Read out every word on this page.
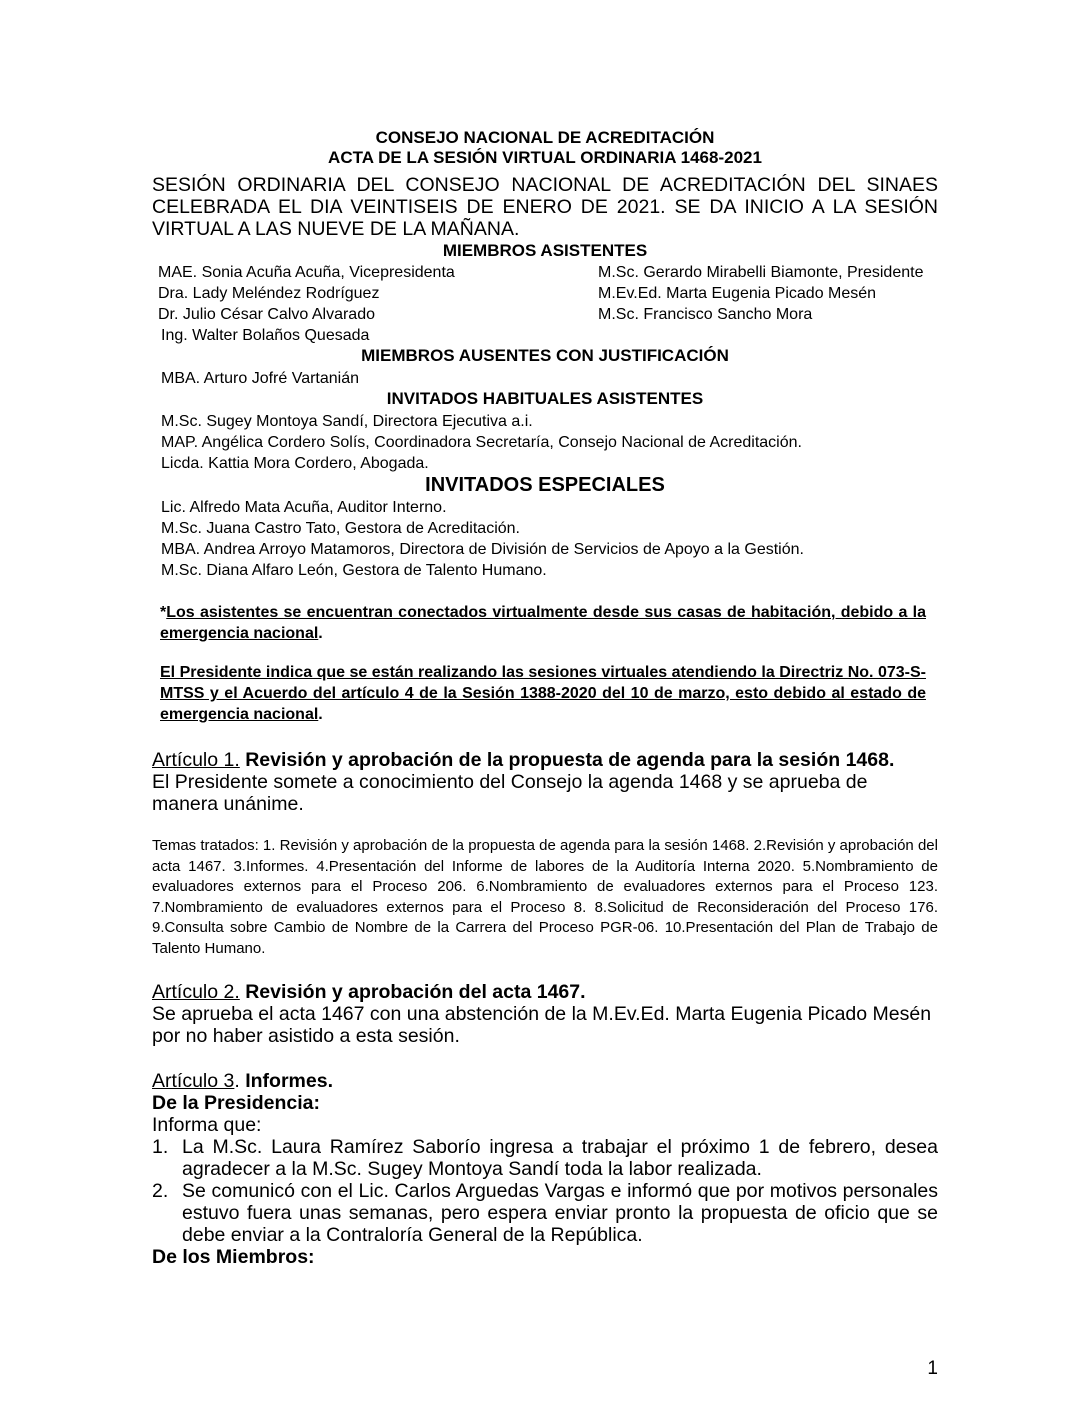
CONSEJO NACIONAL DE ACREDITACIÓN
ACTA DE LA SESIÓN VIRTUAL ORDINARIA 1468-2021
SESIÓN ORDINARIA DEL CONSEJO NACIONAL DE ACREDITACIÓN DEL SINAES CELEBRADA EL DIA VEINTISEIS DE ENERO DE 2021. SE DA INICIO A LA SESIÓN VIRTUAL A LAS NUEVE DE LA MAÑANA.
MIEMBROS ASISTENTES
MAE. Sonia Acuña Acuña, Vicepresidenta
Dra. Lady Meléndez Rodríguez
Dr. Julio César Calvo Alvarado
Ing. Walter Bolaños Quesada
M.Sc. Gerardo Mirabelli Biamonte, Presidente
M.Ev.Ed. Marta Eugenia Picado Mesén
M.Sc. Francisco Sancho Mora
MIEMBROS AUSENTES CON JUSTIFICACIÓN
MBA. Arturo Jofré Vartanián
INVITADOS HABITUALES ASISTENTES
M.Sc. Sugey Montoya Sandí, Directora Ejecutiva a.i.
MAP. Angélica Cordero Solís, Coordinadora Secretaría, Consejo Nacional de Acreditación.
Licda. Kattia Mora Cordero, Abogada.
INVITADOS ESPECIALES
Lic. Alfredo Mata Acuña, Auditor Interno.
M.Sc. Juana Castro Tato, Gestora de Acreditación.
MBA. Andrea Arroyo Matamoros, Directora de División de Servicios de Apoyo a la Gestión.
M.Sc. Diana Alfaro León, Gestora de Talento Humano.
*Los asistentes se encuentran conectados virtualmente desde sus casas de habitación, debido a la emergencia nacional.
El Presidente indica que se están realizando las sesiones virtuales atendiendo la Directriz No. 073-S-MTSS y el Acuerdo del artículo 4 de la Sesión 1388-2020 del 10 de marzo, esto debido al estado de emergencia nacional.
Artículo 1. Revisión y aprobación de la propuesta de agenda para la sesión 1468.
El Presidente somete a conocimiento del Consejo la agenda 1468 y se aprueba de manera unánime.
Temas tratados: 1. Revisión y aprobación de la propuesta de agenda para la sesión 1468. 2.Revisión y aprobación del acta 1467. 3.Informes. 4.Presentación del Informe de labores de la Auditoría Interna 2020. 5.Nombramiento de evaluadores externos para el Proceso 206. 6.Nombramiento de evaluadores externos para el Proceso 123. 7.Nombramiento de evaluadores externos para el Proceso 8. 8.Solicitud de Reconsideración del Proceso 176. 9.Consulta sobre Cambio de Nombre de la Carrera del Proceso PGR-06. 10.Presentación del Plan de Trabajo de Talento Humano.
Artículo 2. Revisión y aprobación del acta 1467.
Se aprueba el acta 1467 con una abstención de la M.Ev.Ed. Marta Eugenia Picado Mesén por no haber asistido a esta sesión.
Artículo 3. Informes.
De la Presidencia:
Informa que:
1. La M.Sc. Laura Ramírez Saborío ingresa a trabajar el próximo 1 de febrero, desea agradecer a la M.Sc. Sugey Montoya Sandí toda la labor realizada.
2. Se comunicó con el Lic. Carlos Arguedas Vargas e informó que por motivos personales estuvo fuera unas semanas, pero espera enviar pronto la propuesta de oficio que se debe enviar a la Contraloría General de la República.
De los Miembros:
1
